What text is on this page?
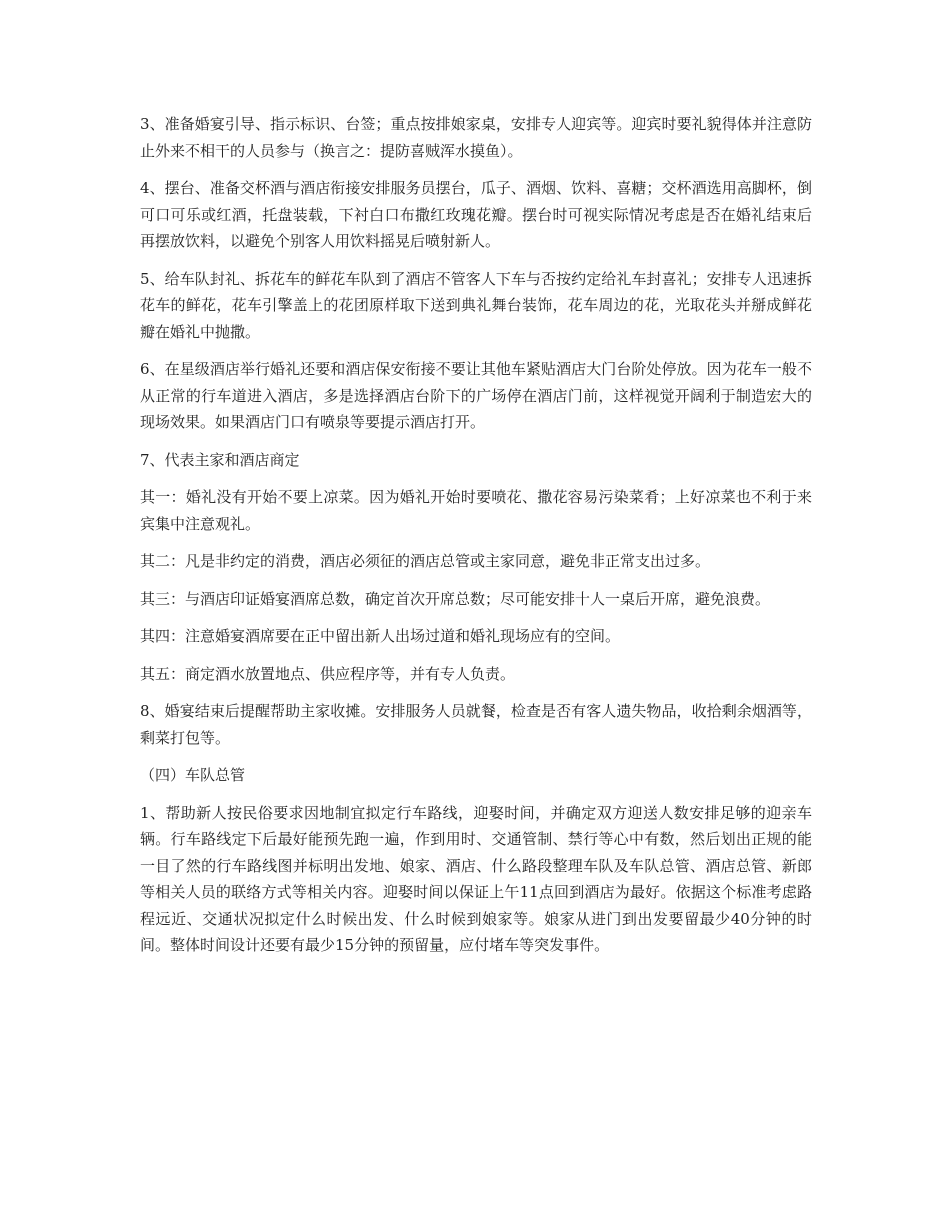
3、准备婚宴引导、指示标识、台签；重点按排娘家桌，安排专人迎宾等。迎宾时要礼貌得体并注意防止外来不相干的人员参与（换言之：提防喜贼浑水摸鱼）。

4、摆台、准备交杯酒与酒店衔接安排服务员摆台，瓜子、酒烟、饮料、喜糖；交杯酒选用高脚杯，倒可口可乐或红酒，托盘装载，下衬白口布撒红玫瑰花瓣。摆台时可视实际情况考虑是否在婚礼结束后再摆放饮料，以避免个别客人用饮料摇晃后喷射新人。

5、给车队封礼、拆花车的鲜花车队到了酒店不管客人下车与否按约定给礼车封喜礼；安排专人迅速拆花车的鲜花，花车引擎盖上的花团原样取下送到典礼舞台装饰，花车周边的花，光取花头并掰成鲜花瓣在婚礼中抛撒。

6、在星级酒店举行婚礼还要和酒店保安衔接不要让其他车紧贴酒店大门台阶处停放。因为花车一般不从正常的行车道进入酒店，多是选择酒店台阶下的广场停在酒店门前，这样视觉开阔利于制造宏大的现场效果。如果酒店门口有喷泉等要提示酒店打开。

7、代表主家和酒店商定

其一：婚礼没有开始不要上凉菜。因为婚礼开始时要喷花、撒花容易污染菜肴；上好凉菜也不利于来宾集中注意观礼。

其二：凡是非约定的消费，酒店必须征的酒店总管或主家同意，避免非正常支出过多。

其三：与酒店印证婚宴酒席总数，确定首次开席总数；尽可能安排十人一桌后开席，避免浪费。

其四：注意婚宴酒席要在正中留出新人出场过道和婚礼现场应有的空间。

其五：商定酒水放置地点、供应程序等，并有专人负责。

8、婚宴结束后提醒帮助主家收摊。安排服务人员就餐，检查是否有客人遗失物品，收拾剩余烟酒等，剩菜打包等。

（四）车队总管

1、帮助新人按民俗要求因地制宜拟定行车路线，迎娶时间，并确定双方迎送人数安排足够的迎亲车辆。行车路线定下后最好能预先跑一遍，作到用时、交通管制、禁行等心中有数，然后划出正规的能一目了然的行车路线图并标明出发地、娘家、酒店、什么路段整理车队及车队总管、酒店总管、新郎等相关人员的联络方式等相关内容。迎娶时间以保证上午11点回到酒店为最好。依据这个标准考虑路程远近、交通状况拟定什么时候出发、什么时候到娘家等。娘家从进门到出发要留最少40分钟的时间。整体时间设计还要有最少15分钟的预留量，应付堵车等突发事件。
